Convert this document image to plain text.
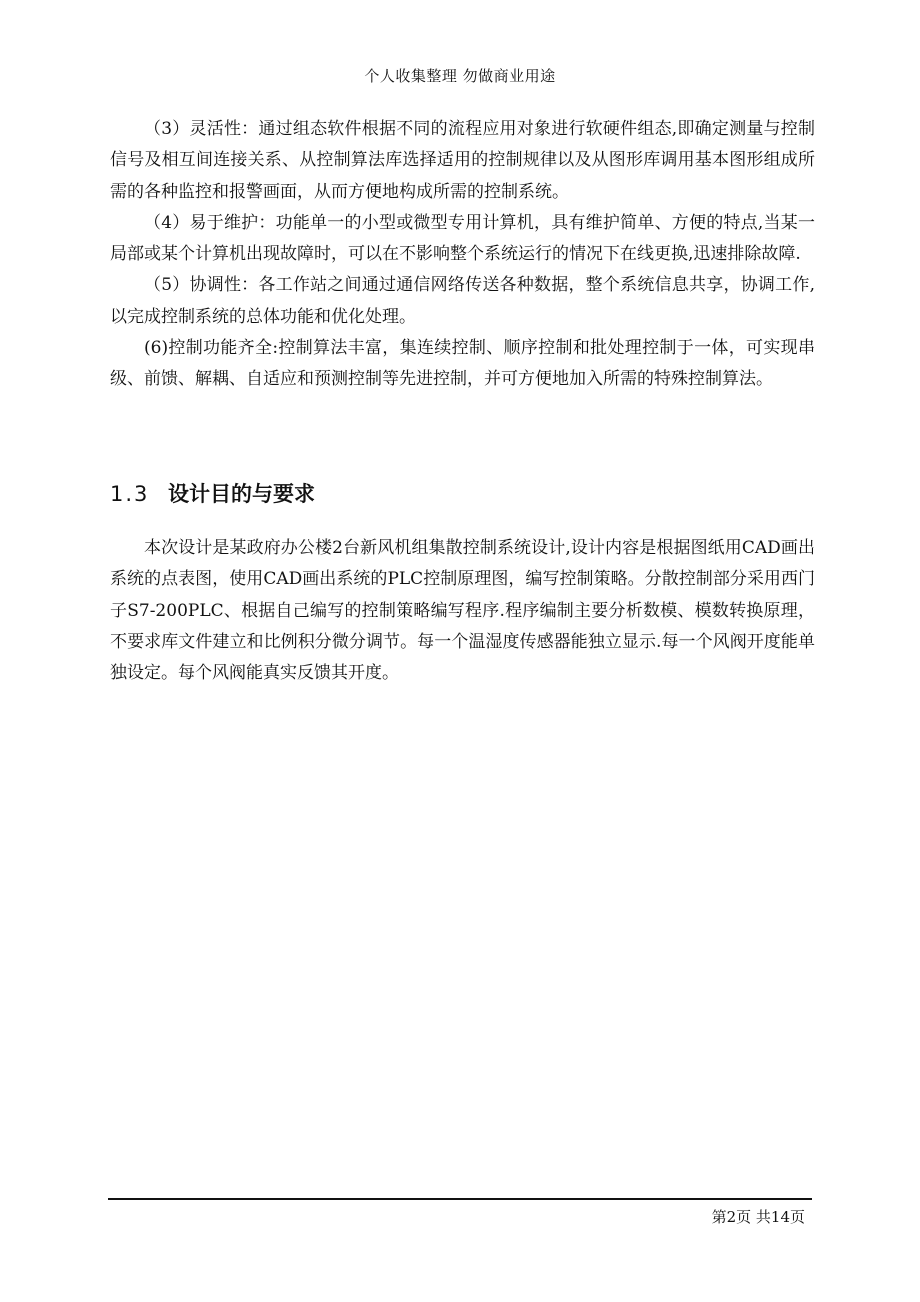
个人收集整理 勿做商业用途

（3）灵活性：通过组态软件根据不同的流程应用对象进行软硬件组态,即确定测量与控制信号及相互间连接关系、从控制算法库选择适用的控制规律以及从图形库调用基本图形组成所需的各种监控和报警画面，从而方便地构成所需的控制系统。

（4）易于维护：功能单一的小型或微型专用计算机，具有维护简单、方便的特点,当某一局部或某个计算机出现故障时，可以在不影响整个系统运行的情况下在线更换,迅速排除故障.

（5）协调性：各工作站之间通过通信网络传送各种数据，整个系统信息共享，协调工作,以完成控制系统的总体功能和优化处理。

(6)控制功能齐全:控制算法丰富，集连续控制、顺序控制和批处理控制于一体，可实现串级、前馈、解耦、自适应和预测控制等先进控制，并可方便地加入所需的特殊控制算法。

1.3 设计目的与要求

本次设计是某政府办公楼2台新风机组集散控制系统设计,设计内容是根据图纸用CAD画出系统的点表图，使用CAD画出系统的PLC控制原理图，编写控制策略。分散控制部分采用西门子S7-200PLC、根据自己编写的控制策略编写程序.程序编制主要分析数模、模数转换原理，不要求库文件建立和比例积分微分调节。每一个温湿度传感器能独立显示.每一个风阀开度能单独设定。每个风阀能真实反馈其开度。

第2页 共14页
